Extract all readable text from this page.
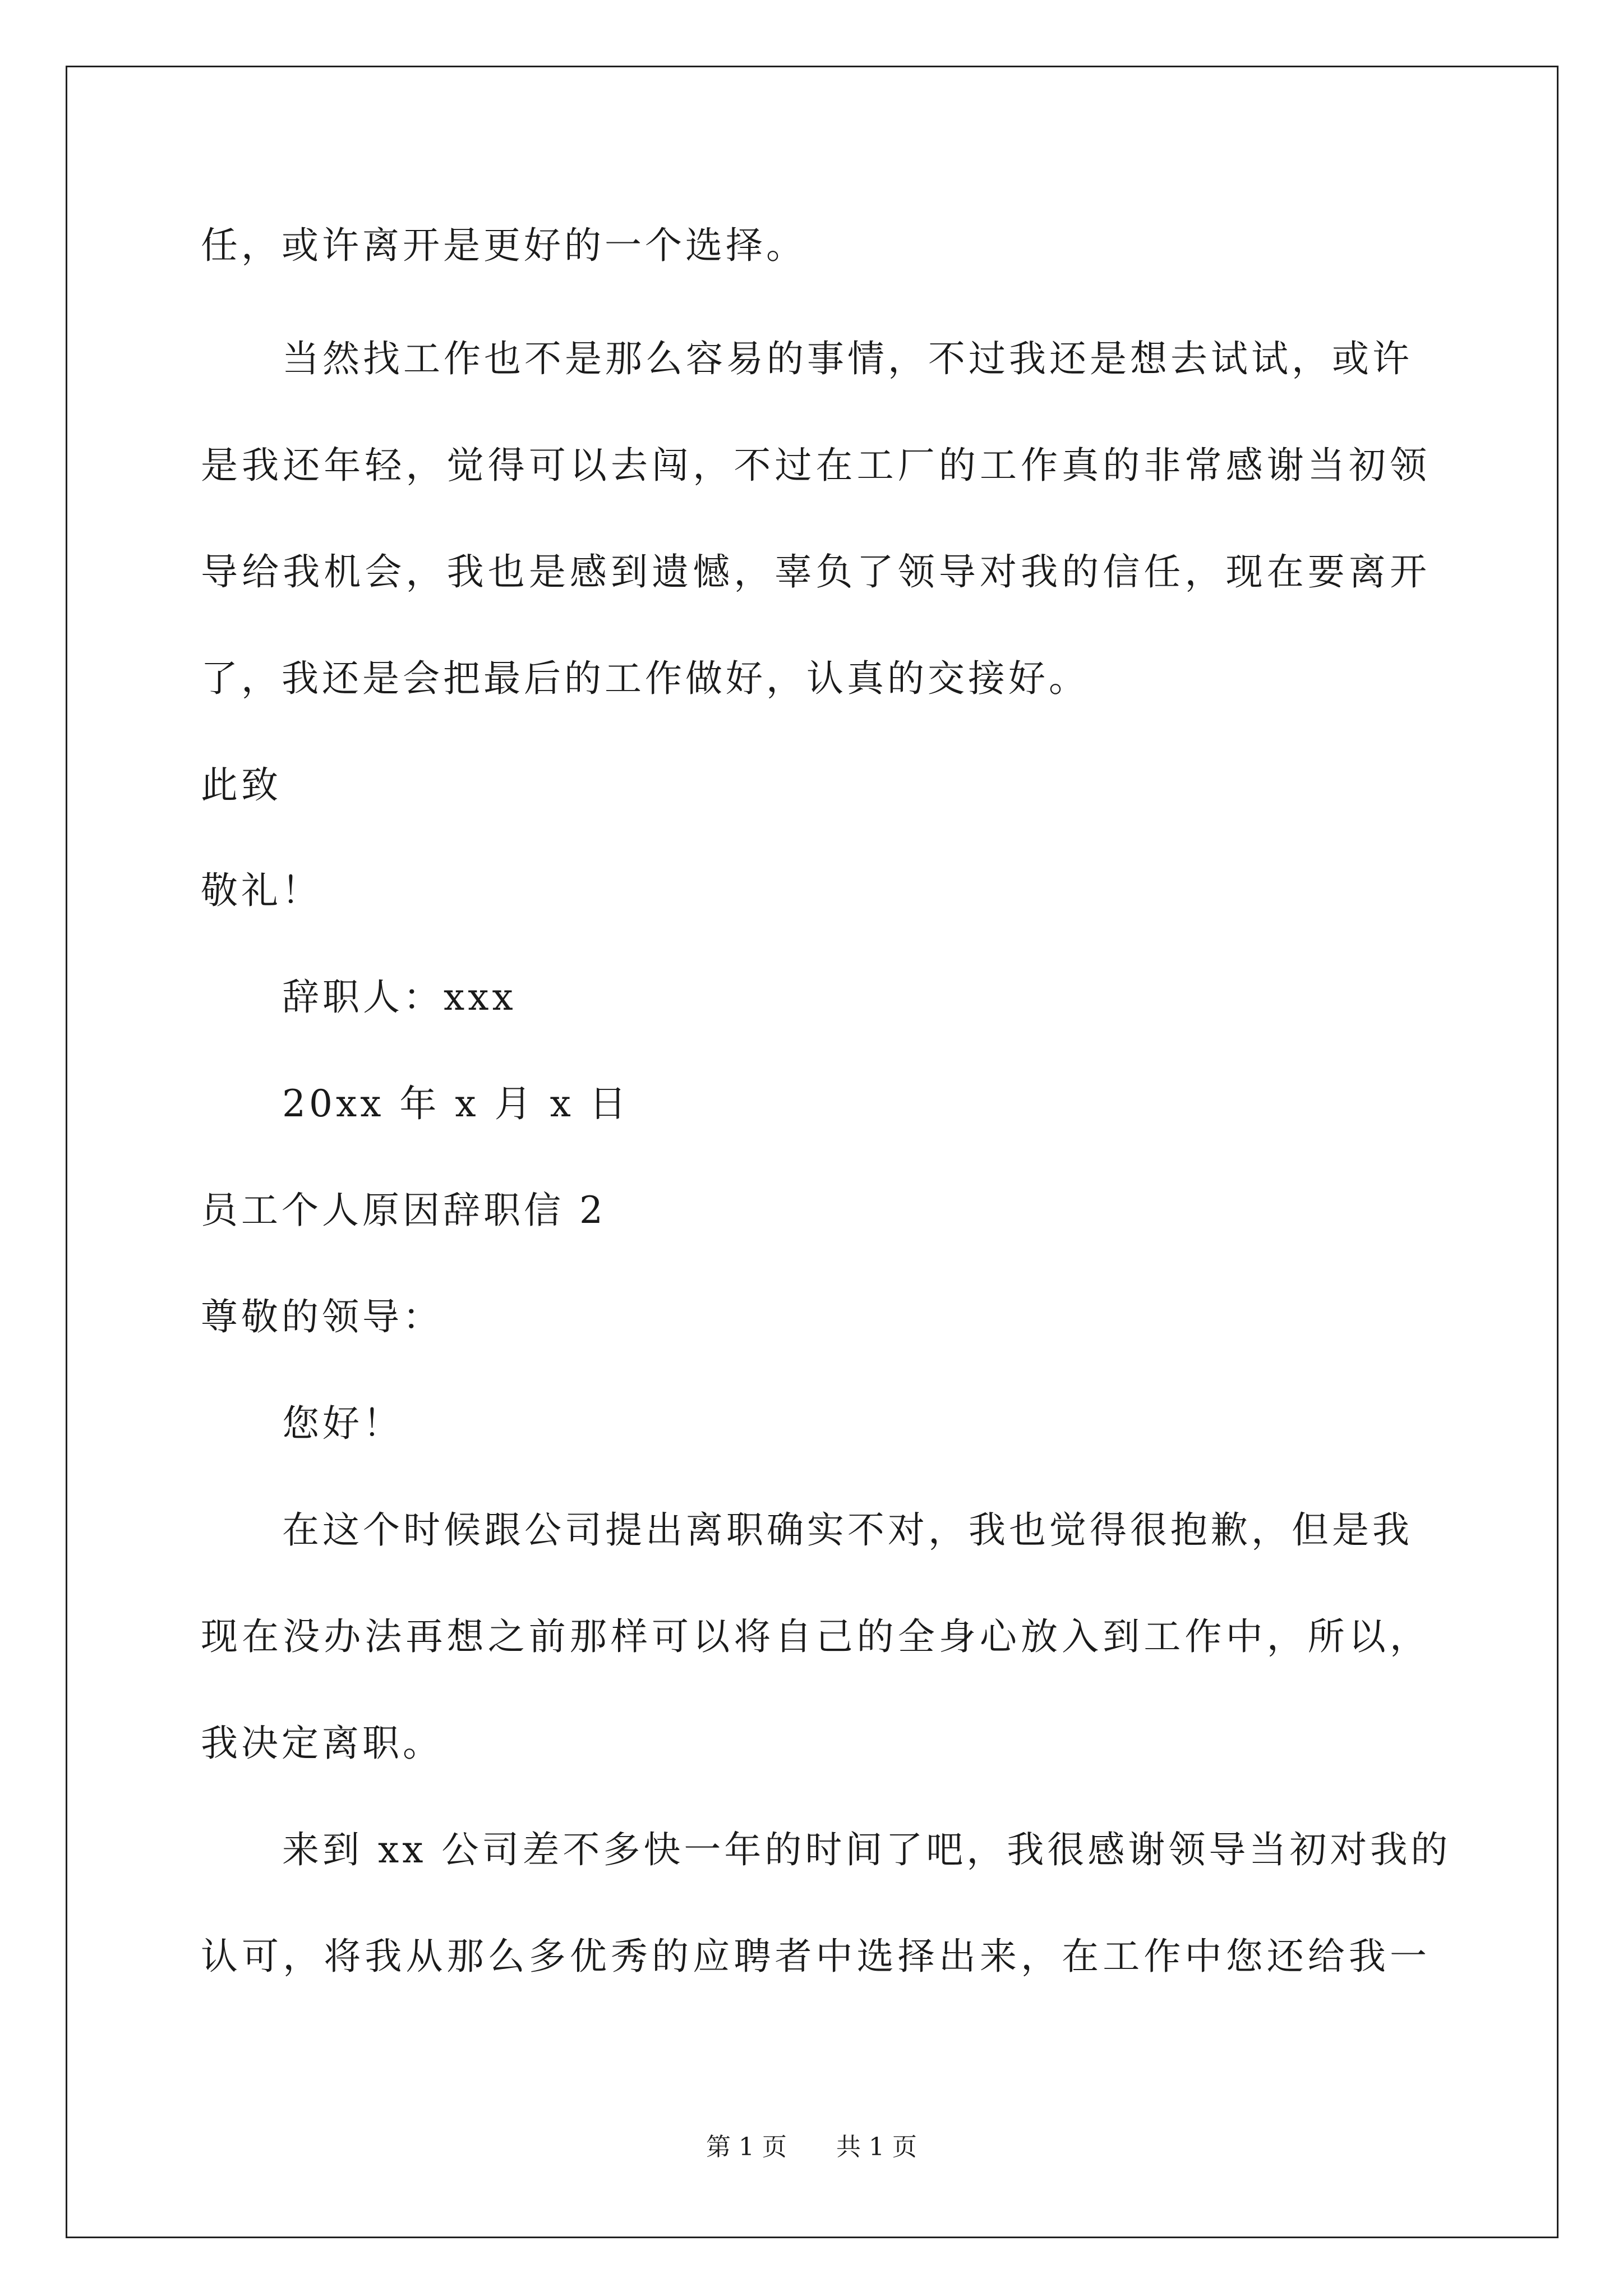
任，或许离开是更好的一个选择。
当然找工作也不是那么容易的事情，不过我还是想去试试，或许
是我还年轻，觉得可以去闯，不过在工厂的工作真的非常感谢当初领
导给我机会，我也是感到遗憾，辜负了领导对我的信任，现在要离开
了，我还是会把最后的工作做好，认真的交接好。
此致
敬礼！
辞职人：xxx
20xx 年 x 月 x 日
员工个人原因辞职信 2
尊敬的领导：
您好！
在这个时候跟公司提出离职确实不对，我也觉得很抱歉，但是我
现在没办法再想之前那样可以将自己的全身心放入到工作中，所以，
我决定离职。
来到 xx 公司差不多快一年的时间了吧，我很感谢领导当初对我的
认可，将我从那么多优秀的应聘者中选择出来，在工作中您还给我一
第 1 页 共 1 页
